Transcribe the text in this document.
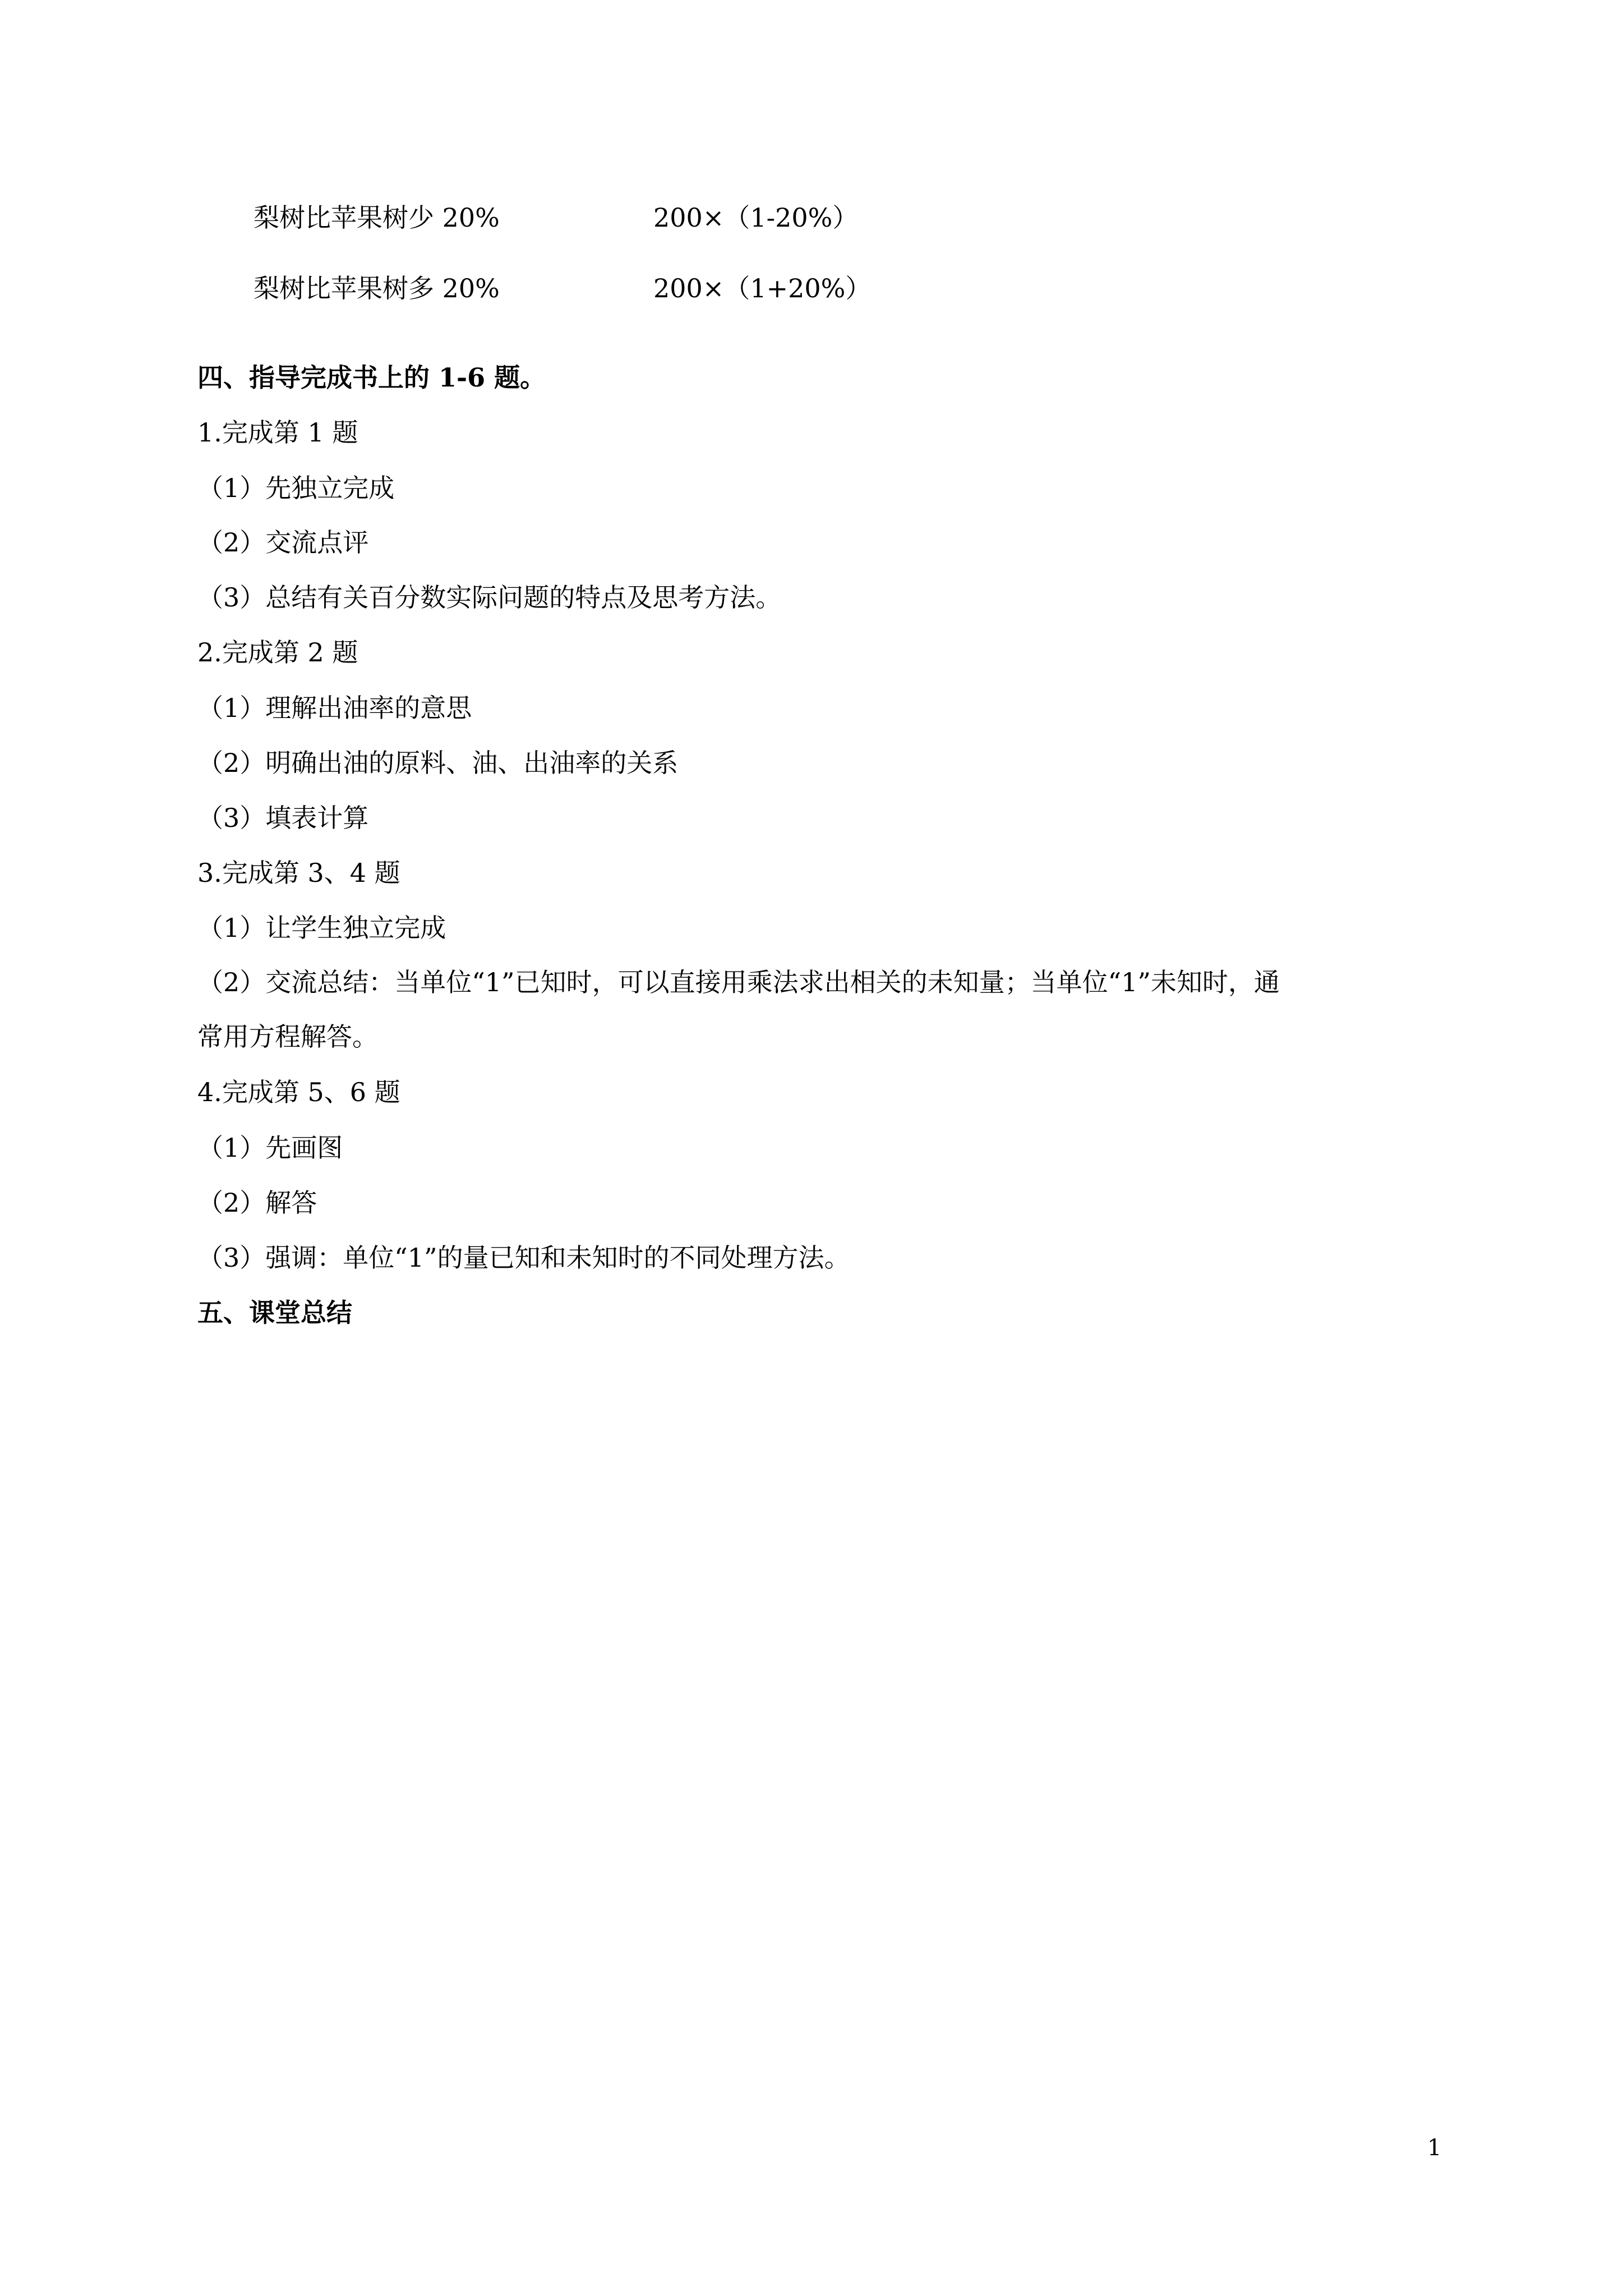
梨树比苹果树少 20%	200×（1-20%）
梨树比苹果树多 20%	200×（1+20%）
四、指导完成书上的 1-6 题。
1.完成第 1 题
（1）先独立完成
（2）交流点评
（3）总结有关百分数实际问题的特点及思考方法。
2.完成第 2 题
（1）理解出油率的意思
（2）明确出油的原料、油、出油率的关系
（3）填表计算
3.完成第 3、4 题
（1）让学生独立完成
（2）交流总结：当单位“1”已知时，可以直接用乘法求出相关的未知量；当单位“1”未知时，通
常用方程解答。
4.完成第 5、6 题
（1）先画图
（2）解答
（3）强调：单位“1”的量已知和未知时的不同处理方法。
五、课堂总结
1
